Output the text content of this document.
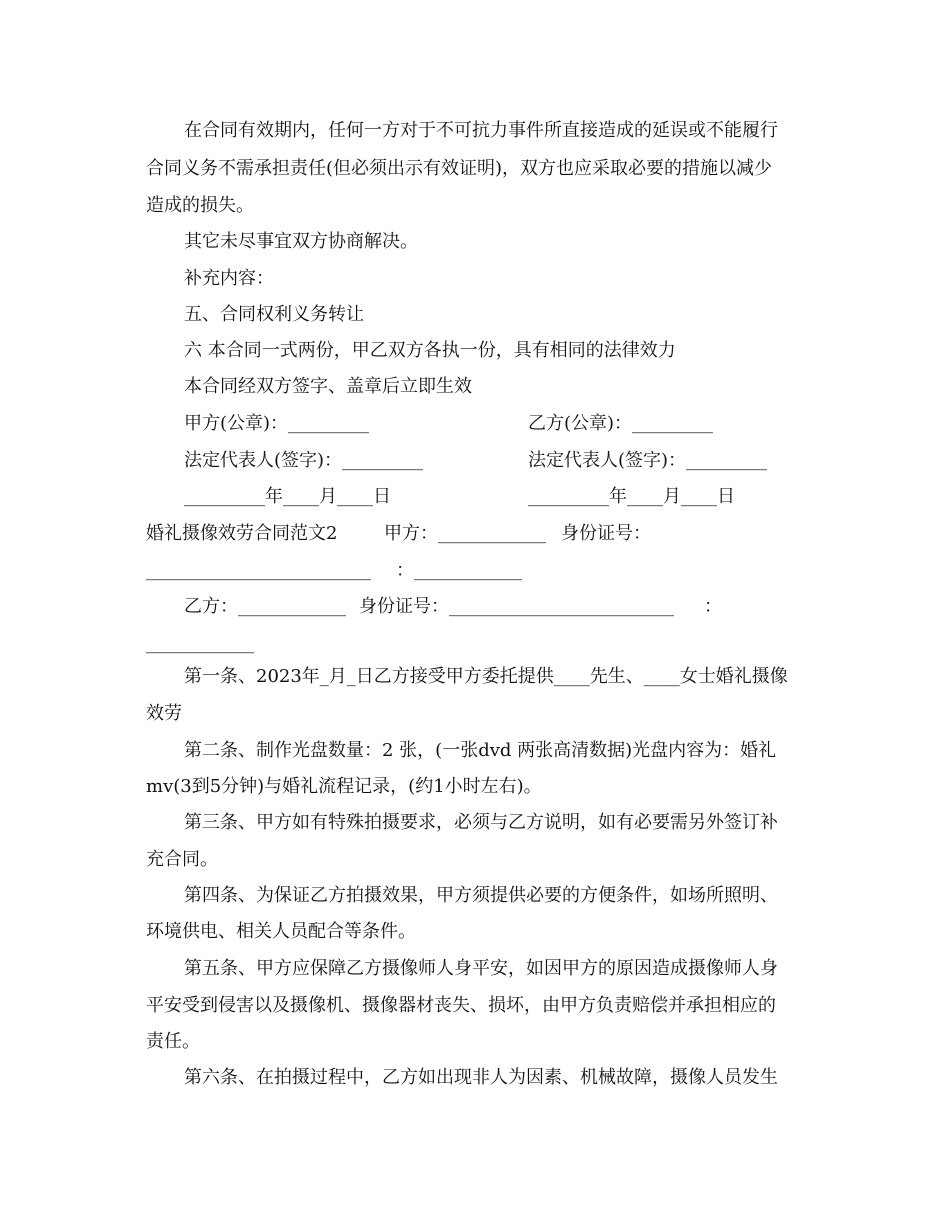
在合同有效期内，任何一方对于不可抗力事件所直接造成的延误或不能履行
合同义务不需承担责任(但必须出示有效证明)，双方也应采取必要的措施以减少
造成的损失。
其它未尽事宜双方协商解决。
补充内容：
五、合同权利义务转让
六 本合同一式两份，甲乙双方各执一份，具有相同的法律效力
本合同经双方签字、盖章后立即生效
甲方(公章)：_________	乙方(公章)：_________
法定代表人(签字)：_________	法定代表人(签字)：_________
_________年____月____日	_________年____月____日
婚礼摄像效劳合同范文2	甲方：____________ 身份证号：
_________________________ ：____________
乙方：____________ 身份证号：_________________________ ：
____________
第一条、2023年_月_日乙方接受甲方委托提供____先生、____女士婚礼摄像
效劳
第二条、制作光盘数量：2 张，(一张dvd 两张高清数据)光盘内容为：婚礼
mv(3到5分钟)与婚礼流程记录，(约1小时左右)。
第三条、甲方如有特殊拍摄要求，必须与乙方说明，如有必要需另外签订补
充合同。
第四条、为保证乙方拍摄效果，甲方须提供必要的方便条件，如场所照明、
环境供电、相关人员配合等条件。
第五条、甲方应保障乙方摄像师人身平安，如因甲方的原因造成摄像师人身
平安受到侵害以及摄像机、摄像器材丧失、损坏，由甲方负责赔偿并承担相应的
责任。
第六条、在拍摄过程中，乙方如出现非人为因素、机械故障，摄像人员发生
